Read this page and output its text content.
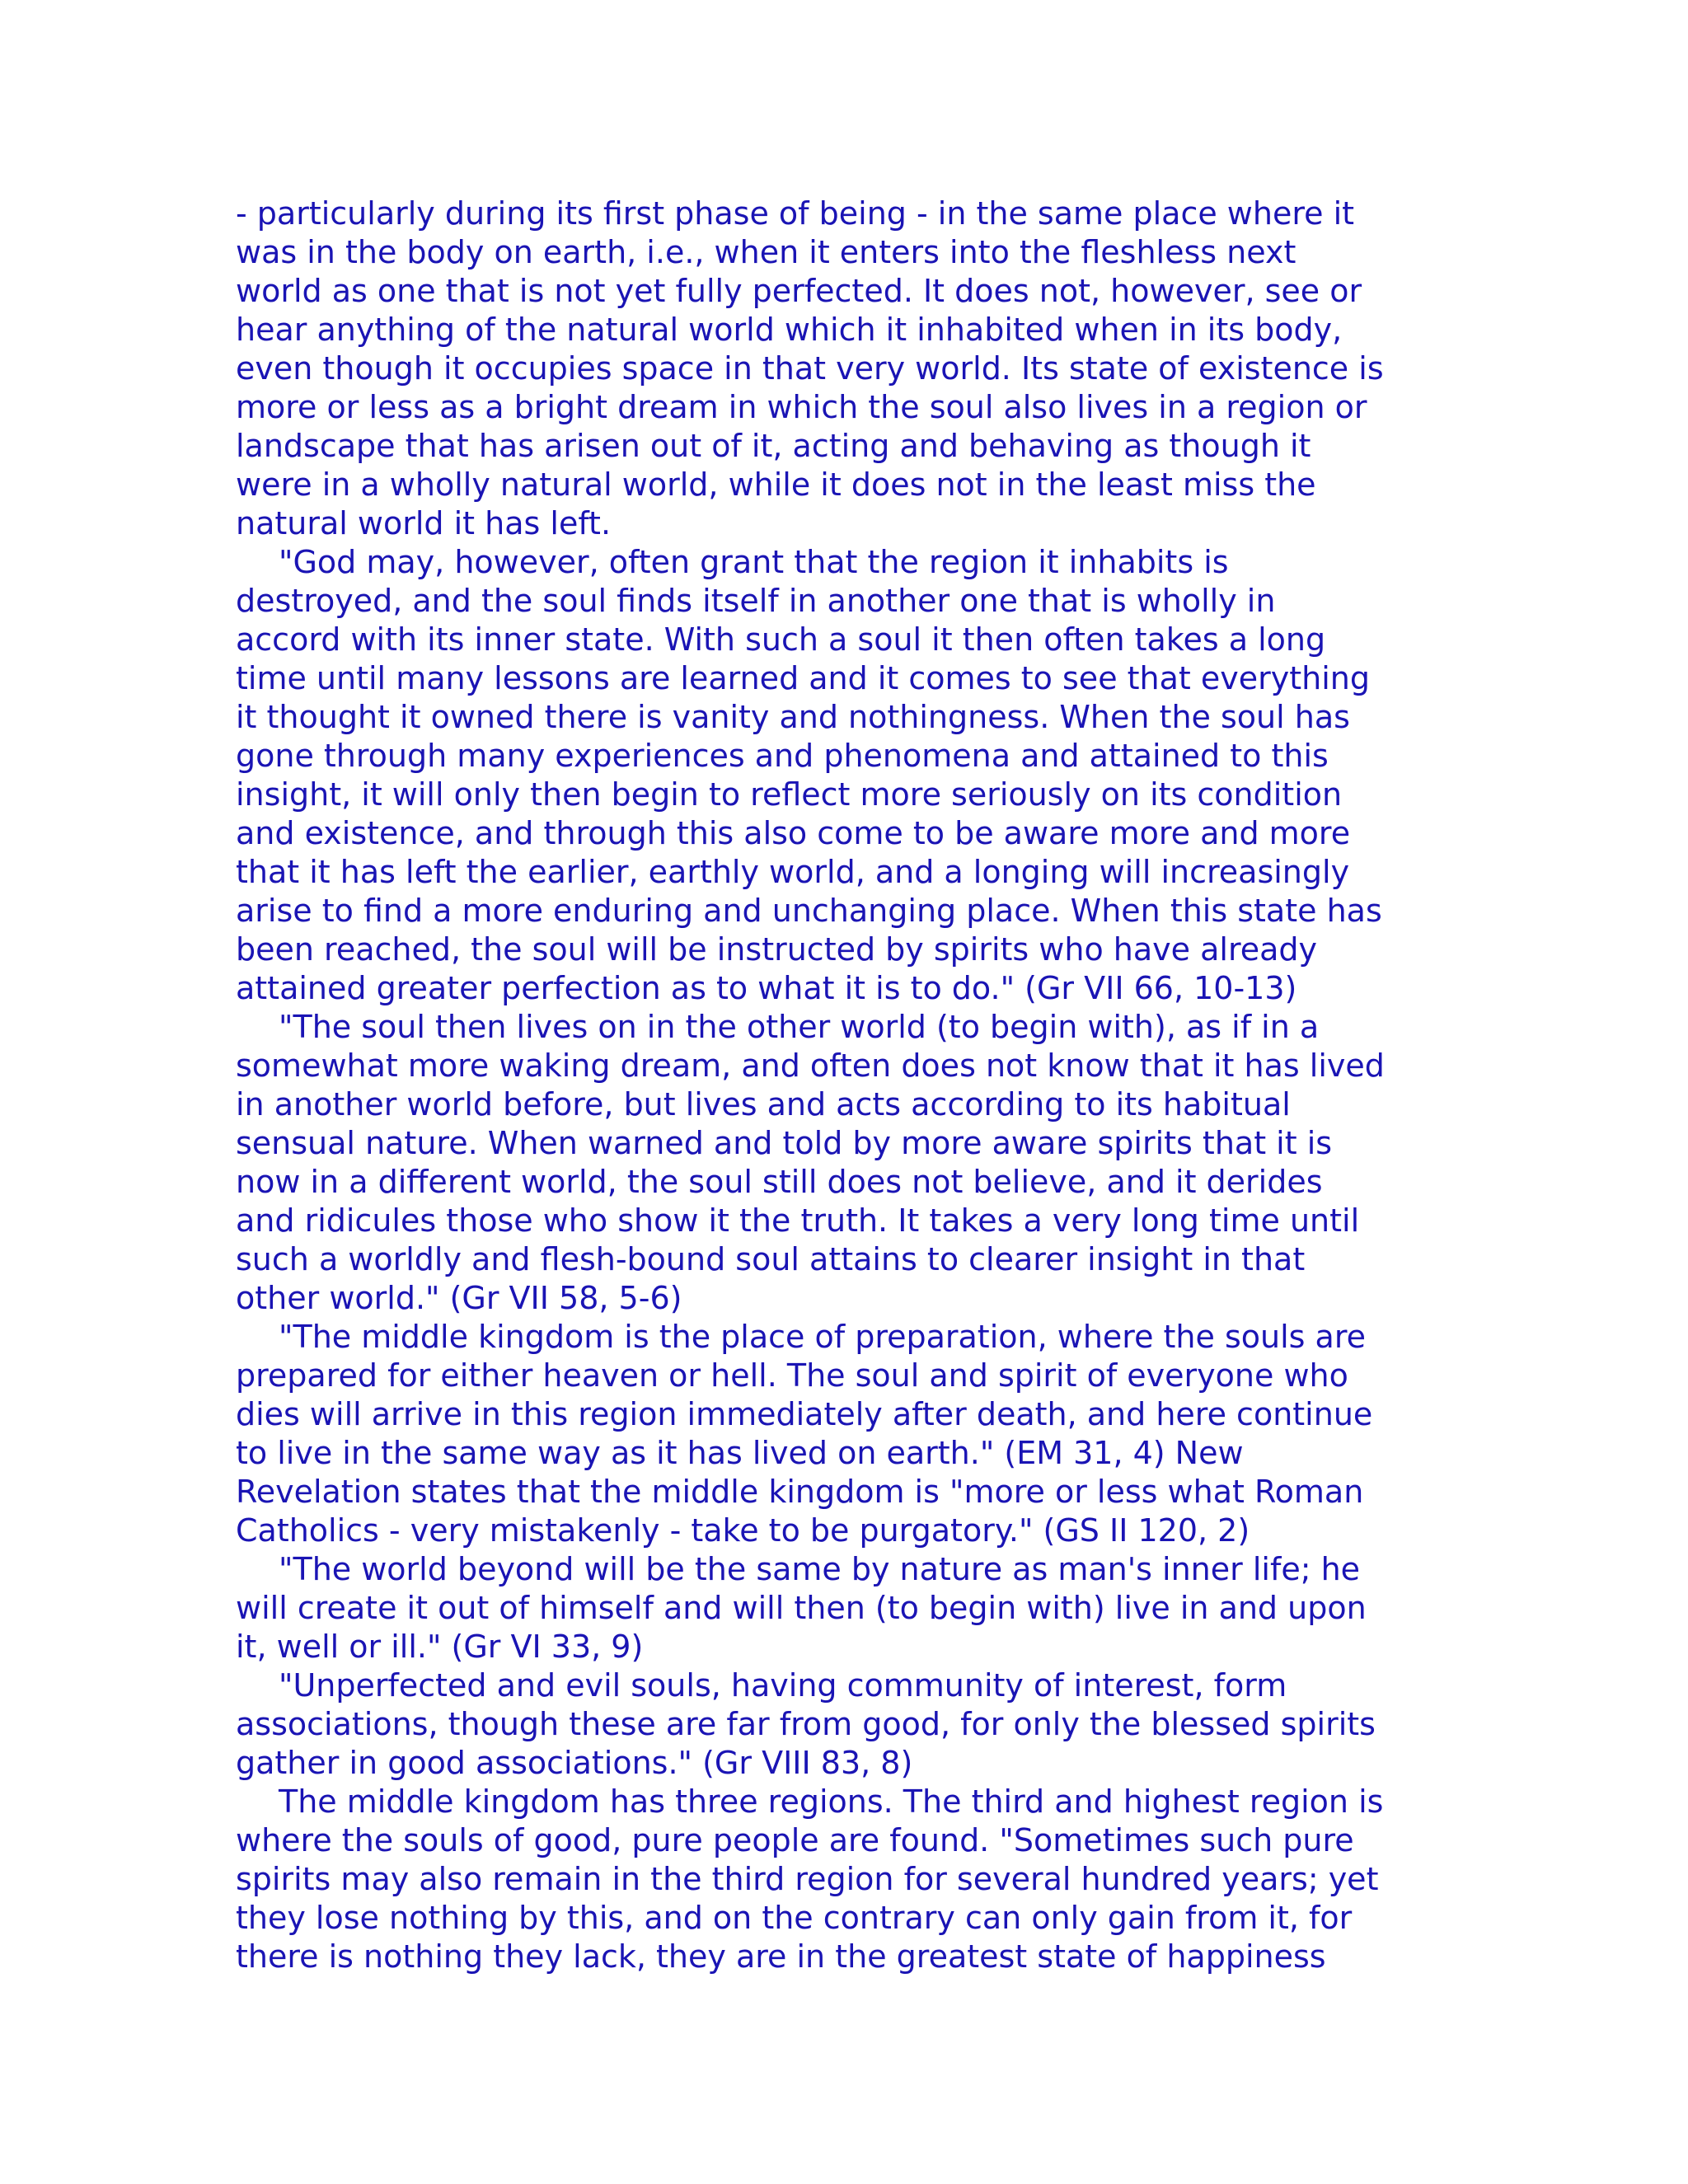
- particularly during its first phase of being - in the same place where it
was in the body on earth, i.e., when it enters into the fleshless next
world as one that is not yet fully perfected. It does not, however, see or
hear anything of the natural world which it inhabited when in its body,
even though it occupies space in that very world. Its state of existence is
more or less as a bright dream in which the soul also lives in a region or
landscape that has arisen out of it, acting and behaving as though it
were in a wholly natural world, while it does not in the least miss the
natural world it has left.
"God may, however, often grant that the region it inhabits is
destroyed, and the soul finds itself in another one that is wholly in
accord with its inner state. With such a soul it then often takes a long
time until many lessons are learned and it comes to see that everything
it thought it owned there is vanity and nothingness. When the soul has
gone through many experiences and phenomena and attained to this
insight, it will only then begin to reflect more seriously on its condition
and existence, and through this also come to be aware more and more
that it has left the earlier, earthly world, and a longing will increasingly
arise to find a more enduring and unchanging place. When this state has
been reached, the soul will be instructed by spirits who have already
attained greater perfection as to what it is to do." (Gr VII 66, 10-13)
"The soul then lives on in the other world (to begin with), as if in a
somewhat more waking dream, and often does not know that it has lived
in another world before, but lives and acts according to its habitual
sensual nature. When warned and told by more aware spirits that it is
now in a different world, the soul still does not believe, and it derides
and ridicules those who show it the truth. It takes a very long time until
such a worldly and flesh-bound soul attains to clearer insight in that
other world." (Gr VII 58, 5-6)
"The middle kingdom is the place of preparation, where the souls are
prepared for either heaven or hell. The soul and spirit of everyone who
dies will arrive in this region immediately after death, and here continue
to live in the same way as it has lived on earth." (EM 31, 4) New
Revelation states that the middle kingdom is "more or less what Roman
Catholics - very mistakenly - take to be purgatory." (GS II 120, 2)
"The world beyond will be the same by nature as man's inner life; he
will create it out of himself and will then (to begin with) live in and upon
it, well or ill." (Gr VI 33, 9)
"Unperfected and evil souls, having community of interest, form
associations, though these are far from good, for only the blessed spirits
gather in good associations." (Gr VIII 83, 8)
The middle kingdom has three regions. The third and highest region is
where the souls of good, pure people are found. "Sometimes such pure
spirits may also remain in the third region for several hundred years; yet
they lose nothing by this, and on the contrary can only gain from it, for
there is nothing they lack, they are in the greatest state of happiness
